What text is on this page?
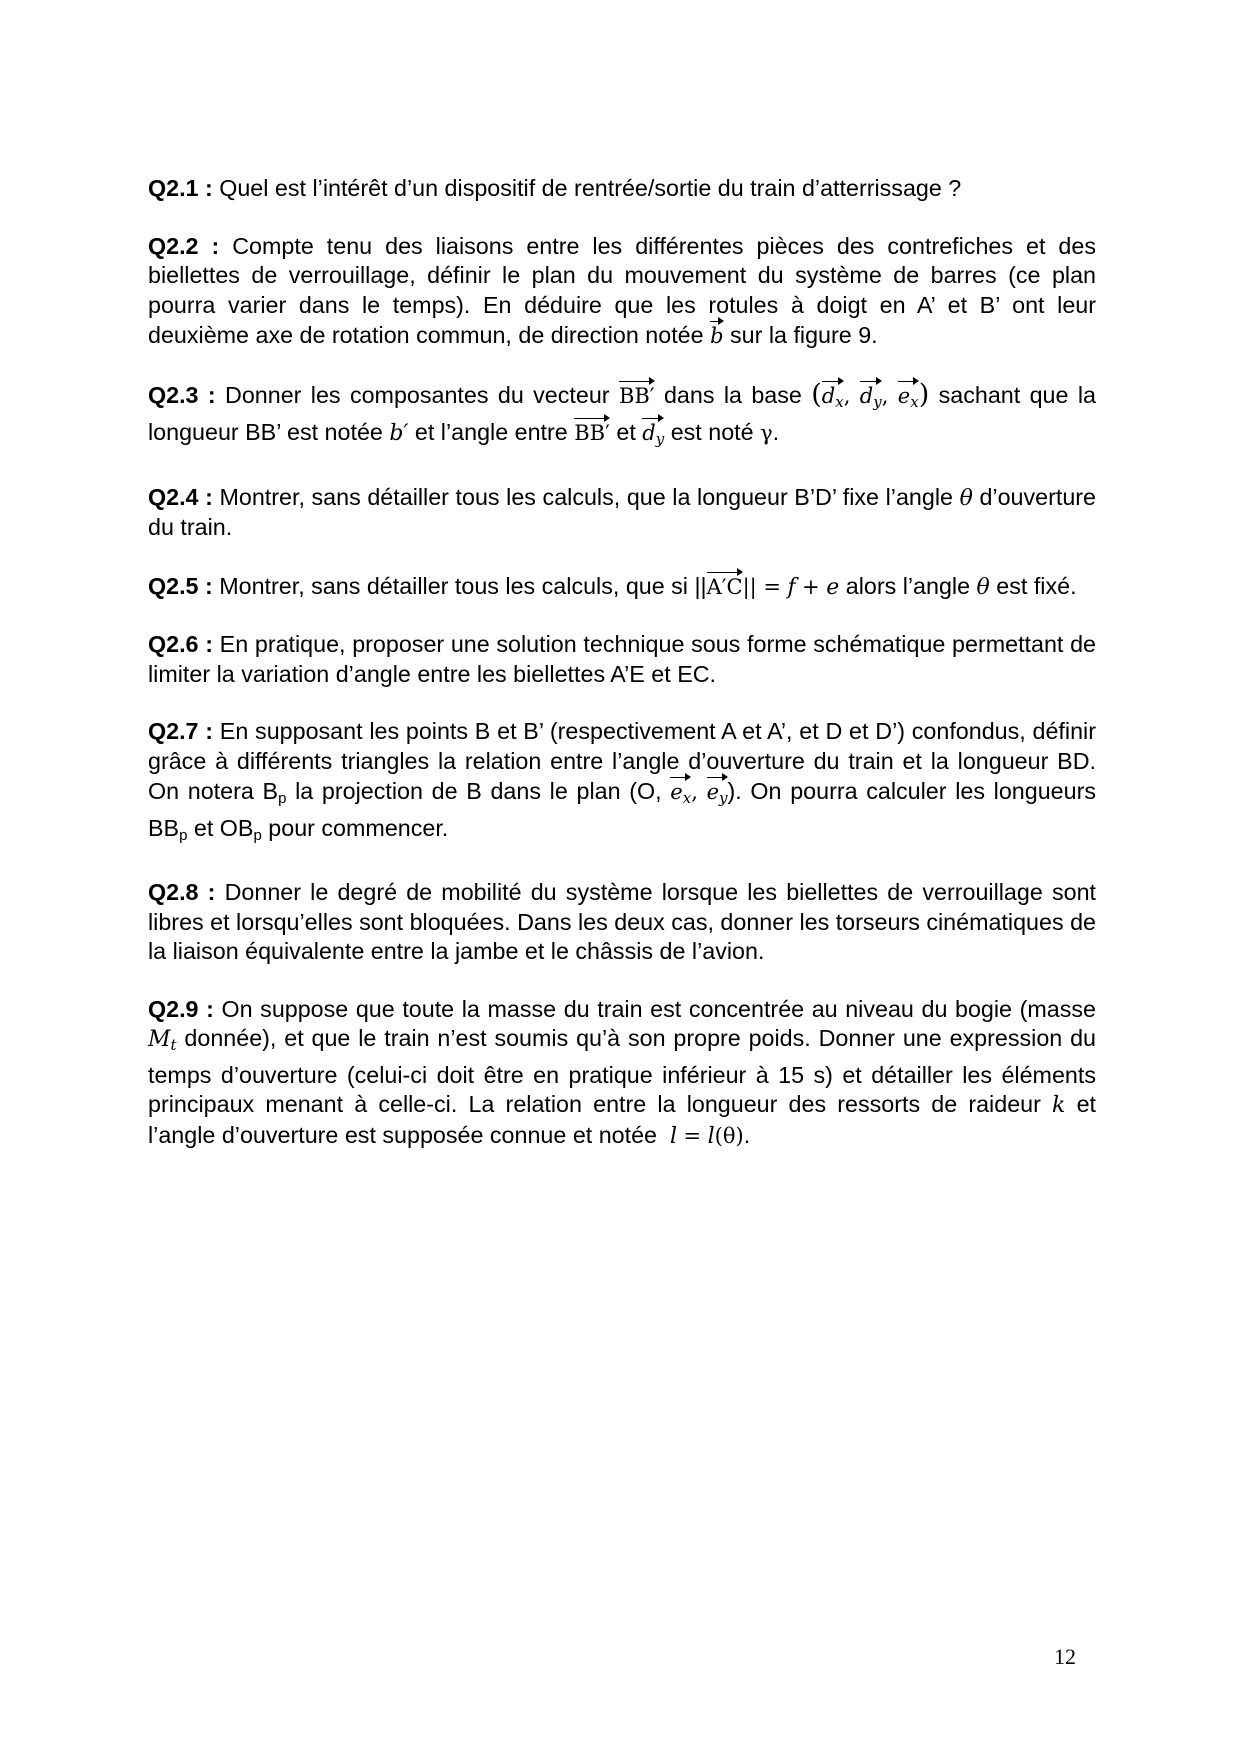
Q2.1 : Quel est l’intérêt d’un dispositif de rentrée/sortie du train d’atterrissage ?

Q2.2 : Compte tenu des liaisons entre les différentes pièces des contrefiches et des biellettes de verrouillage, définir le plan du mouvement du système de barres (ce plan pourra varier dans le temps). En déduire que les rotules à doigt en A’ et B’ ont leur deuxième axe de rotation commun, de direction notée b sur la figure 9.

Q2.3 : Donner les composantes du vecteur BB′ dans la base ($d_x$, $d_y$, $e_x$) sachant que la longueur BB’ est notée b′ et l’angle entre BB′ et $d_y$ est noté γ.

Q2.4 : Montrer, sans détailler tous les calculs, que la longueur B’D’ fixe l’angle θ d’ouverture du train.

Q2.5 : Montrer, sans détailler tous les calculs, que si ||A′C|| = f + e alors l’angle θ est fixé.

Q2.6 : En pratique, proposer une solution technique sous forme schématique permettant de limiter la variation d’angle entre les biellettes A’E et EC.

Q2.7 : En supposant les points B et B’ (respectivement A et A’, et D et D’) confondus, définir grâce à différents triangles la relation entre l’angle d’ouverture du train et la longueur BD. On notera $B_p$ la projection de B dans le plan (O, $e_x$, $e_y$). On pourra calculer les longueurs $BB_p$ et $OB_p$ pour commencer.

Q2.8 : Donner le degré de mobilité du système lorsque les biellettes de verrouillage sont libres et lorsqu’elles sont bloquées. Dans les deux cas, donner les torseurs cinématiques de la liaison équivalente entre la jambe et le châssis de l’avion.

Q2.9 : On suppose que toute la masse du train est concentrée au niveau du bogie (masse $M_t$ donnée), et que le train n’est soumis qu’à son propre poids. Donner une expression du temps d’ouverture (celui-ci doit être en pratique inférieur à 15 s) et détailler les éléments principaux menant à celle-ci. La relation entre la longueur des ressorts de raideur k et l’angle d’ouverture est supposée connue et notée l = l(θ).

12
